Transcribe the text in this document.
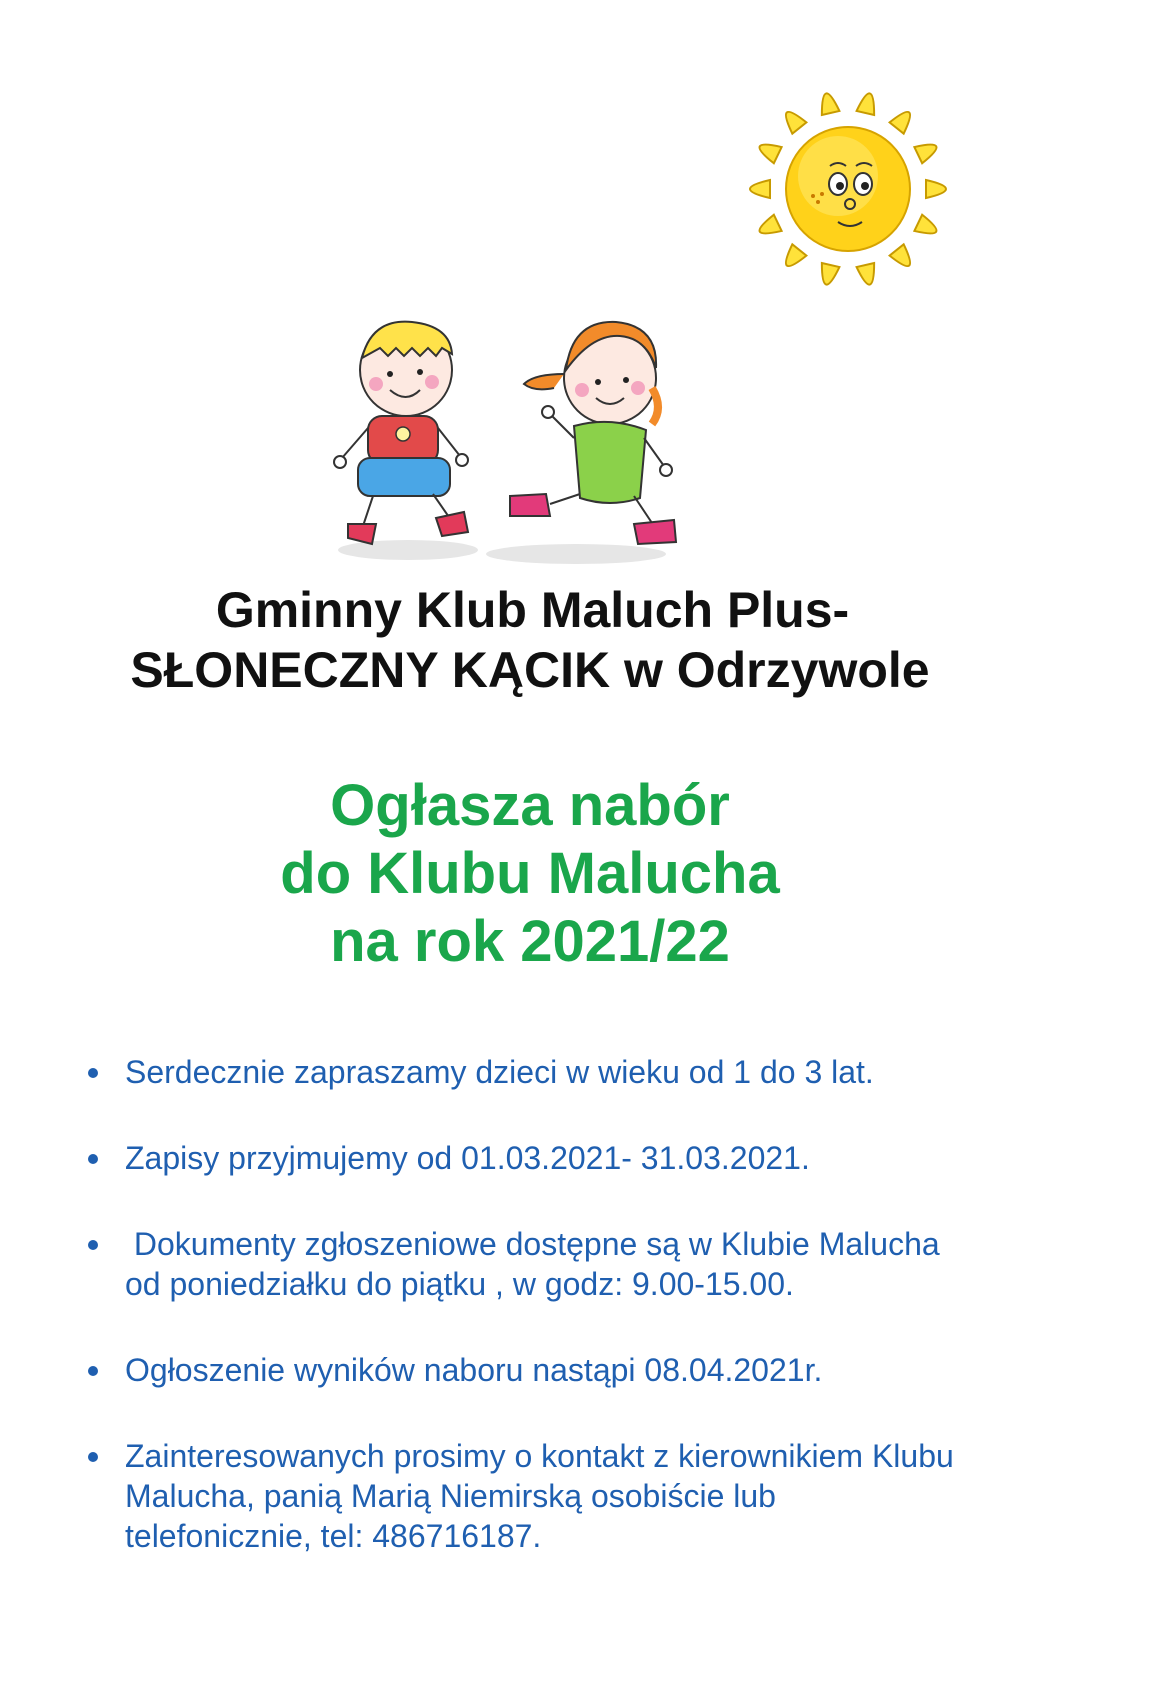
Gminny Klub Maluch Plus-
SŁONECZNY KĄCIK w Odrzywole
Ogłasza nabór
do Klubu Malucha
na rok 2021/22
Serdecznie zapraszamy dzieci w wieku od 1 do 3 lat.
Zapisy przyjmujemy od 01.03.2021- 31.03.2021.
Dokumenty zgłoszeniowe dostępne są w Klubie Malucha
od poniedziałku do piątku , w godz: 9.00-15.00.
Ogłoszenie wyników naboru nastąpi 08.04.2021r.
Zainteresowanych prosimy o kontakt z kierownikiem Klubu
Malucha, panią Marią Niemirską osobiście lub
telefonicznie, tel: 486716187.
